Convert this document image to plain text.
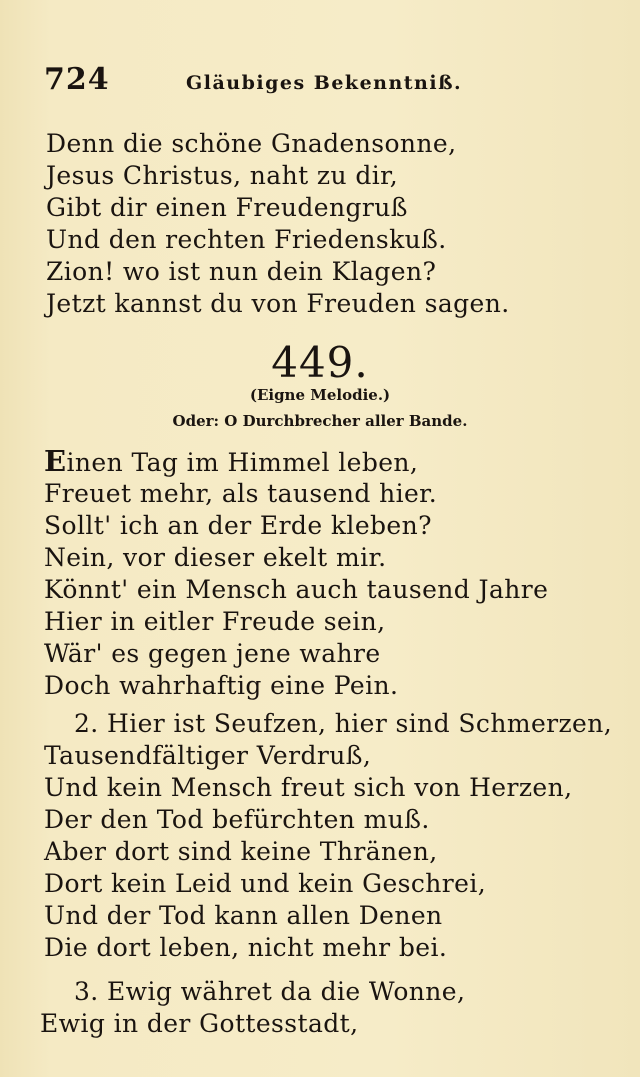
724	Gläubiges Bekenntniß.
Denn die schöne Gnadensonne,
Jesus Christus, naht zu dir,
Gibt dir einen Freudengruß
Und den rechten Friedenskuß.
Zion! wo ist nun dein Klagen?
Jetzt kannst du von Freuden sagen.
449.
(Eigne Melodie.)
Oder: O Durchbrecher aller Bande.
Einen Tag im Himmel leben,
Freuet mehr, als tausend hier.
Sollt' ich an der Erde kleben?
Nein, vor dieser ekelt mir.
Könnt' ein Mensch auch tausend Jahre
Hier in eitler Freude sein,
Wär' es gegen jene wahre
Doch wahrhaftig eine Pein.
2. Hier ist Seufzen, hier sind Schmerzen,
Tausendfältiger Verdruß,
Und kein Mensch freut sich von Herzen,
Der den Tod befürchten muß.
Aber dort sind keine Thränen,
Dort kein Leid und kein Geschrei,
Und der Tod kann allen Denen
Die dort leben, nicht mehr bei.
3. Ewig währet da die Wonne,
Ewig in der Gottesstadt,
